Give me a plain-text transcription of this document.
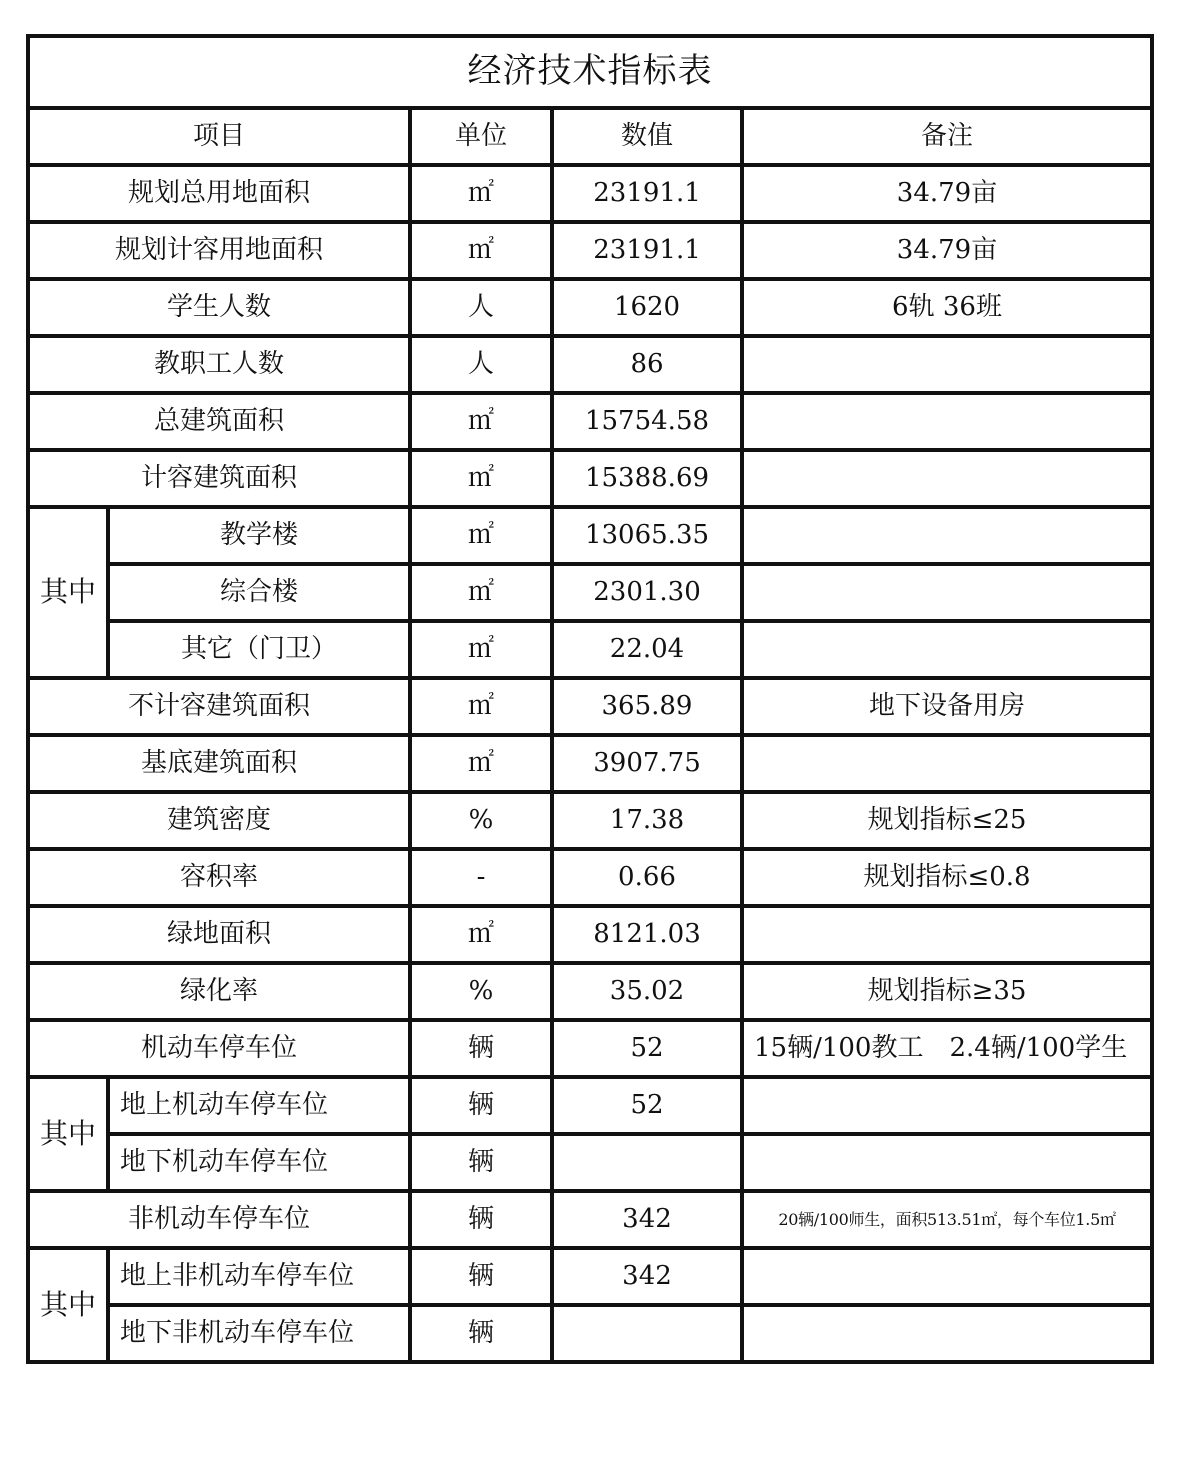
经济技术指标表				
项目		单位	数值	备注
规划总用地面积		㎡	23191.1	34.79亩
规划计容用地面积		㎡	23191.1	34.79亩
学生人数		人	1620	6轨 36班
教职工人数		人	86	
总建筑面积		㎡	15754.58	
计容建筑面积		㎡	15388.69	
其中	教学楼	㎡	13065.35	
	综合楼	㎡	2301.30	
	其它（门卫）	㎡	22.04	
不计容建筑面积		㎡	365.89	地下设备用房
基底建筑面积		㎡	3907.75	
建筑密度		%	17.38	规划指标≤25
容积率		-	0.66	规划指标≤0.8
绿地面积		㎡	8121.03	
绿化率		%	35.02	规划指标≥35
机动车停车位		辆	52	15辆/100教工　2.4辆/100学生
其中	地上机动车停车位	辆	52	
	地下机动车停车位	辆		
非机动车停车位		辆	342	20辆/100师生，面积513.51㎡，每个车位1.5㎡
其中	地上非机动车停车位	辆	342	
	地下非机动车停车位	辆		
